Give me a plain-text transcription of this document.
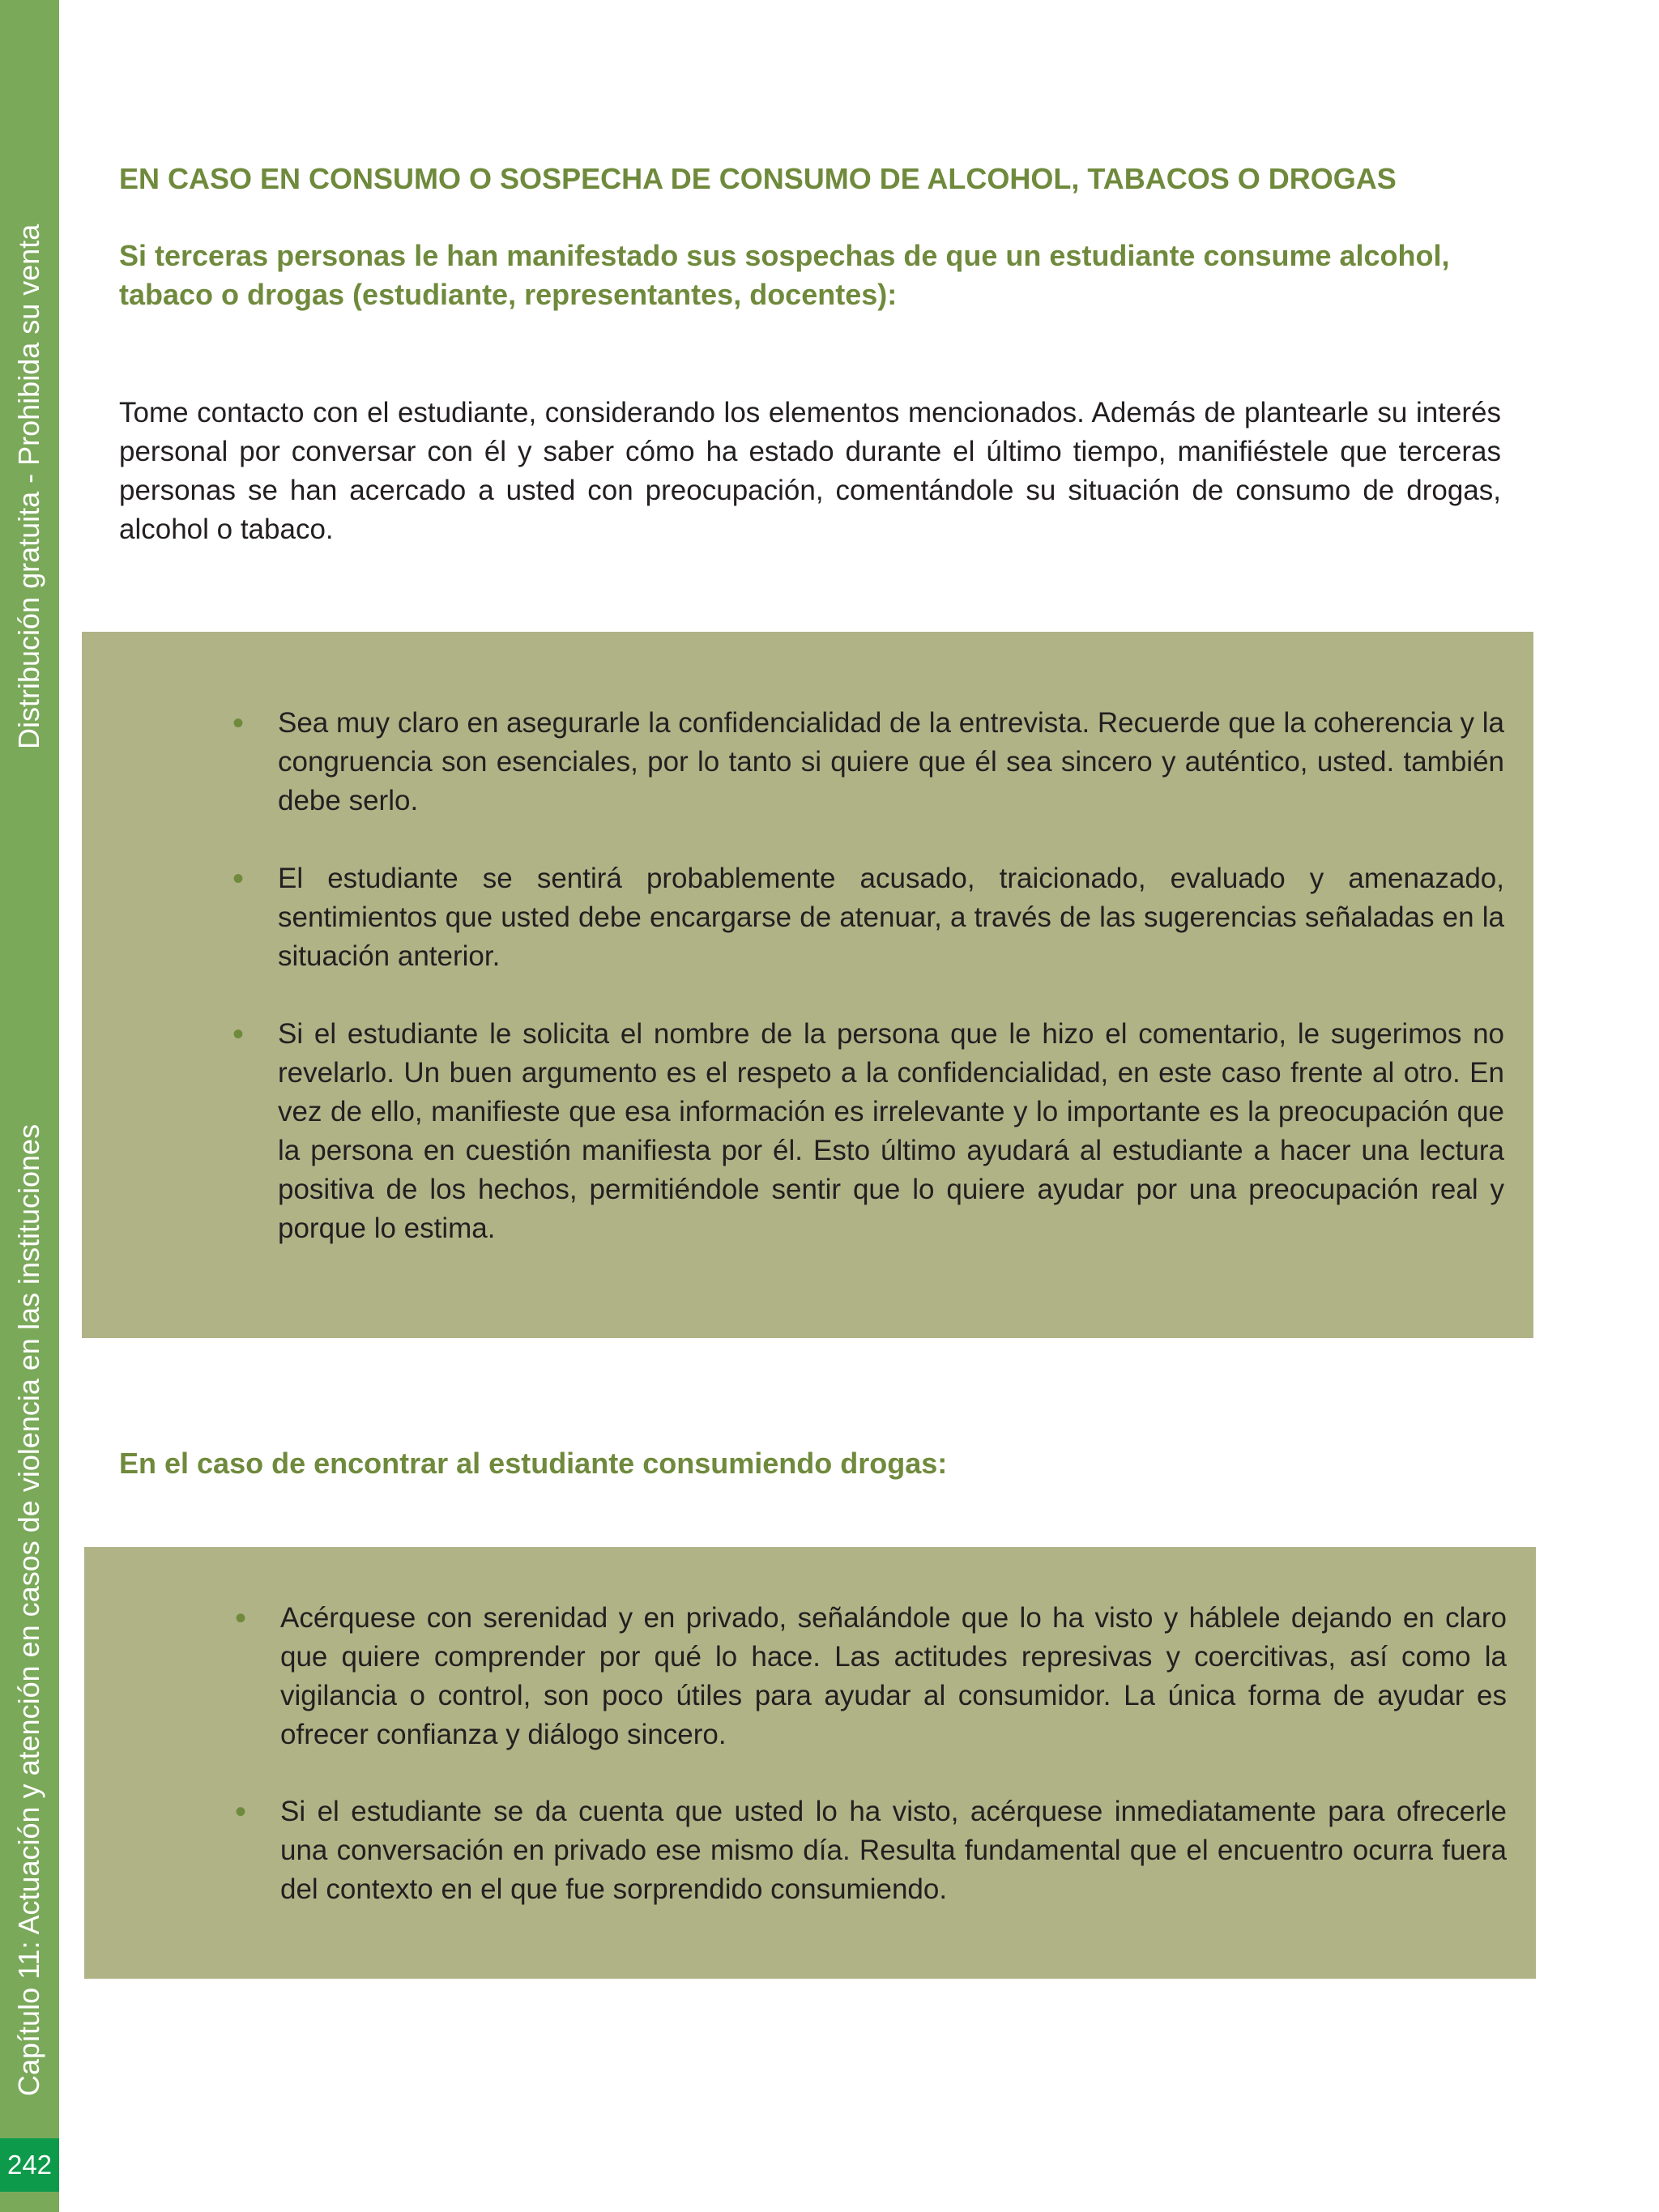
Distribución gratuita - Prohibida su venta
Capítulo 11: Actuación y atención en casos de violencia en las instituciones
242
EN CASO EN CONSUMO O SOSPECHA DE CONSUMO DE ALCOHOL, TABACOS O DROGAS
Si terceras personas le han manifestado sus sospechas de que un estudiante consume alcohol, tabaco o drogas (estudiante, representantes, docentes):

Tome contacto con el estudiante, considerando los elementos mencionados. Además de plantearle su interés personal por conversar con él y saber cómo ha estado durante el último tiempo, manifiéstele que terceras personas se han acercado a usted con preocupación, comentándole su situación de consumo de drogas, alcohol o tabaco.

• Sea muy claro en asegurarle la confidencialidad de la entrevista. Recuerde que la coherencia y la congruencia son esenciales, por lo tanto si quiere que él sea sincero y auténtico, usted. también debe serlo.
• El estudiante se sentirá probablemente acusado, traicionado, evaluado y amenazado, sentimientos que usted debe encargarse de atenuar, a través de las sugerencias señaladas en la situación anterior.
• Si el estudiante le solicita el nombre de la persona que le hizo el comentario, le sugerimos no revelarlo. Un buen argumento es el respeto a la confidencialidad, en este caso frente al otro. En vez de ello, manifieste que esa información es irrelevante y lo importante es la preocupación que la persona en cuestión manifiesta por él. Esto último ayudará al estudiante a hacer una lectura positiva de los hechos, permitiéndole sentir que lo quiere ayudar por una preocupación real y porque lo estima.
En el caso de encontrar al estudiante consumiendo drogas:
• Acérquese con serenidad y en privado, señalándole que lo ha visto y háblele dejando en claro que quiere comprender por qué lo hace. Las actitudes represivas y coercitivas, así como la vigilancia o control, son poco útiles para ayudar al consumidor. La única forma de ayudar es ofrecer confianza y diálogo sincero.
• Si el estudiante se da cuenta que usted lo ha visto, acérquese inmediatamente para ofrecerle una conversación en privado ese mismo día. Resulta fundamental que el encuentro ocurra fuera del contexto en el que fue sorprendido consumiendo.
